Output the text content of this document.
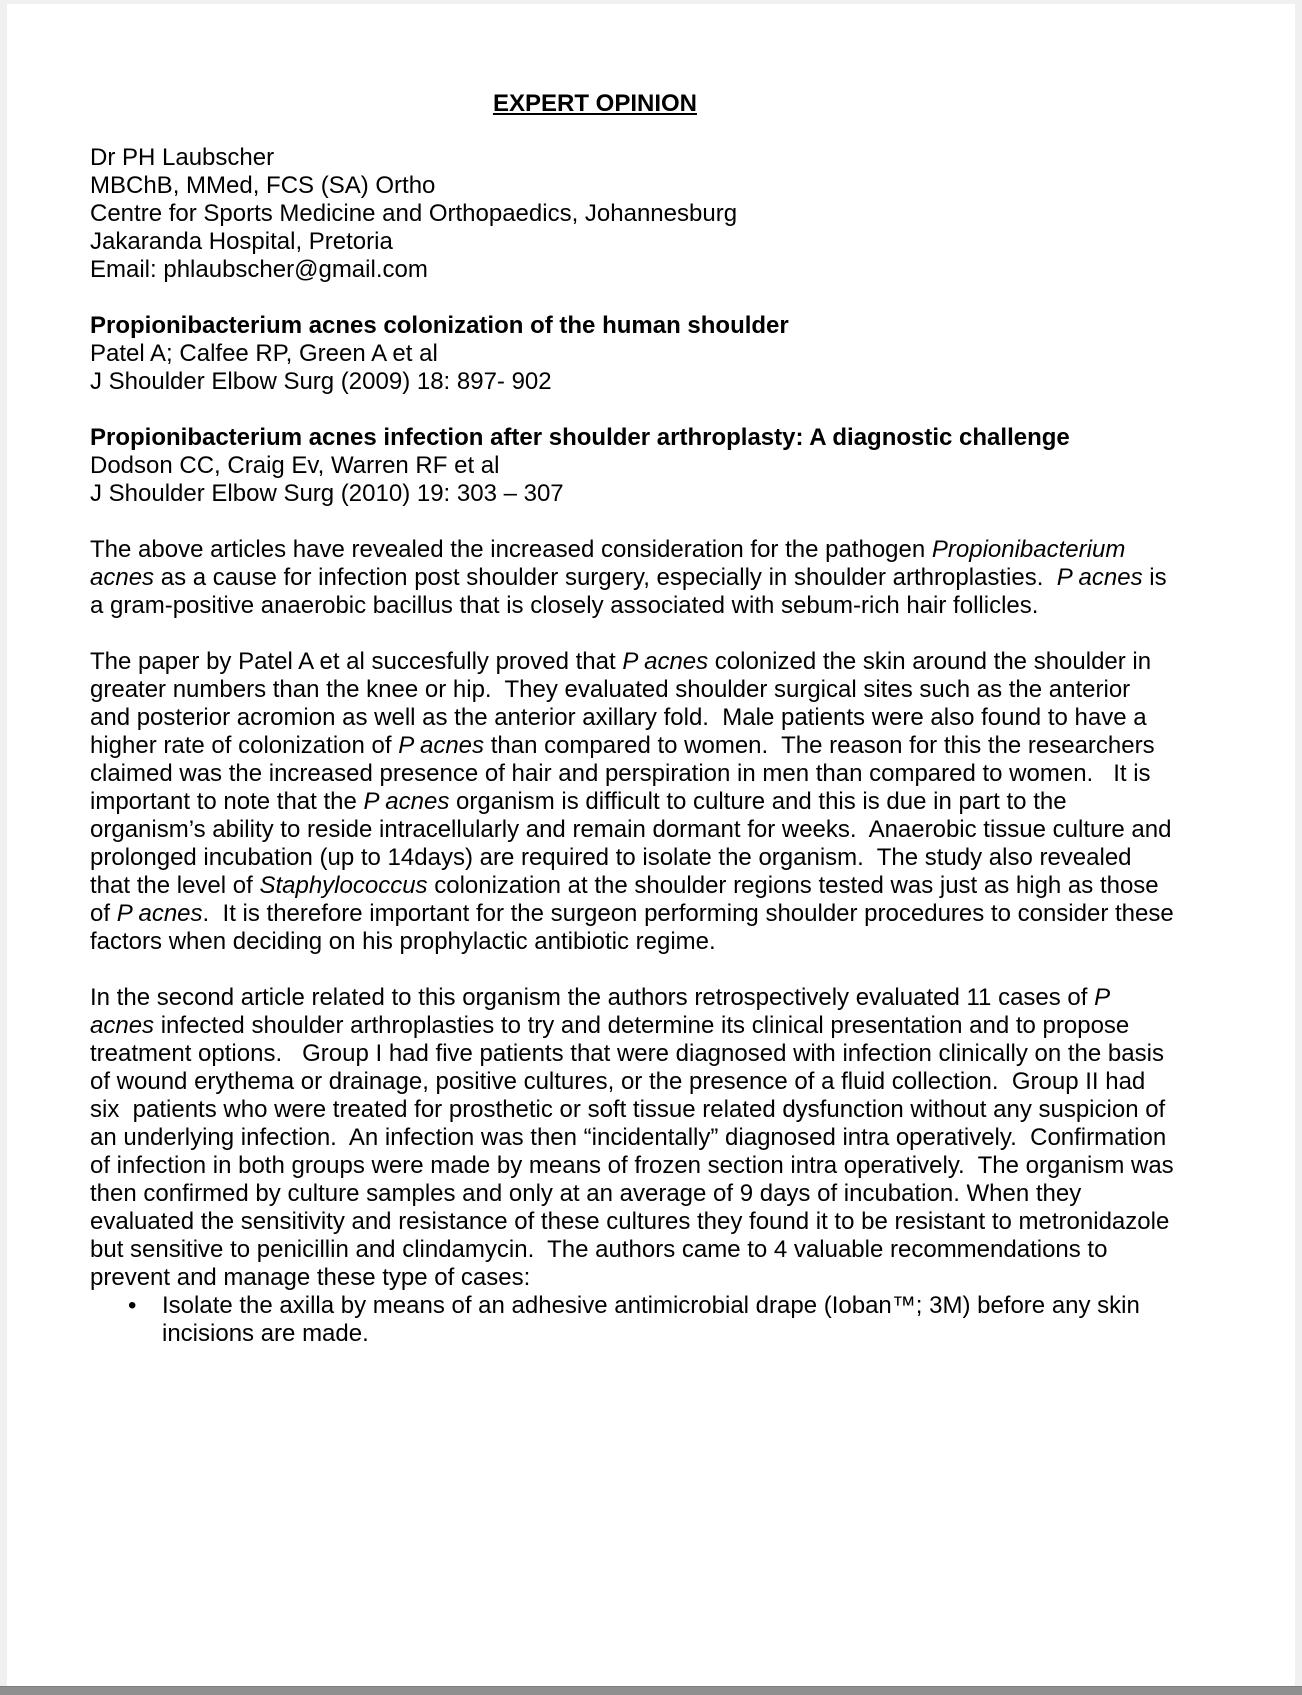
EXPERT OPINION
Dr PH Laubscher
MBChB, MMed, FCS (SA) Ortho
Centre for Sports Medicine and Orthopaedics, Johannesburg
Jakaranda Hospital, Pretoria
Email: phlaubscher@gmail.com
Propionibacterium acnes colonization of the human shoulder
Patel A; Calfee RP, Green A et al
J Shoulder Elbow Surg (2009) 18: 897- 902
Propionibacterium acnes infection after shoulder arthroplasty: A diagnostic challenge
Dodson CC, Craig Ev, Warren RF et al
J Shoulder Elbow Surg (2010) 19: 303 – 307
The above articles have revealed the increased consideration for the pathogen Propionibacterium acnes as a cause for infection post shoulder surgery, especially in shoulder arthroplasties.  P acnes is a gram-positive anaerobic bacillus that is closely associated with sebum-rich hair follicles.
The paper by Patel A et al succesfully proved that P acnes colonized the skin around the shoulder in greater numbers than the knee or hip.  They evaluated shoulder surgical sites such as the anterior and posterior acromion as well as the anterior axillary fold.  Male patients were also found to have a higher rate of colonization of P acnes than compared to women.  The reason for this the researchers claimed was the increased presence of hair and perspiration in men than compared to women.   It is important to note that the P acnes organism is difficult to culture and this is due in part to the organism’s ability to reside intracellularly and remain dormant for weeks.  Anaerobic tissue culture and prolonged incubation (up to 14days) are required to isolate the organism.  The study also revealed that the level of Staphylococcus colonization at the shoulder regions tested was just as high as those of P acnes.  It is therefore important for the surgeon performing shoulder procedures to consider these factors when deciding on his prophylactic antibiotic regime.
In the second article related to this organism the authors retrospectively evaluated 11 cases of P acnes infected shoulder arthroplasties to try and determine its clinical presentation and to propose treatment options.   Group I had five patients that were diagnosed with infection clinically on the basis of wound erythema or drainage, positive cultures, or the presence of a fluid collection.  Group II had six  patients who were treated for prosthetic or soft tissue related dysfunction without any suspicion of an underlying infection.  An infection was then “incidentally” diagnosed intra operatively.  Confirmation of infection in both groups were made by means of frozen section intra operatively.  The organism was then confirmed by culture samples and only at an average of 9 days of incubation. When they evaluated the sensitivity and resistance of these cultures they found it to be resistant to metronidazole  but sensitive to penicillin and clindamycin.  The authors came to 4 valuable recommendations to prevent and manage these type of cases:
•	Isolate the axilla by means of an adhesive antimicrobial drape (Ioban™; 3M) before any skin incisions are made.
